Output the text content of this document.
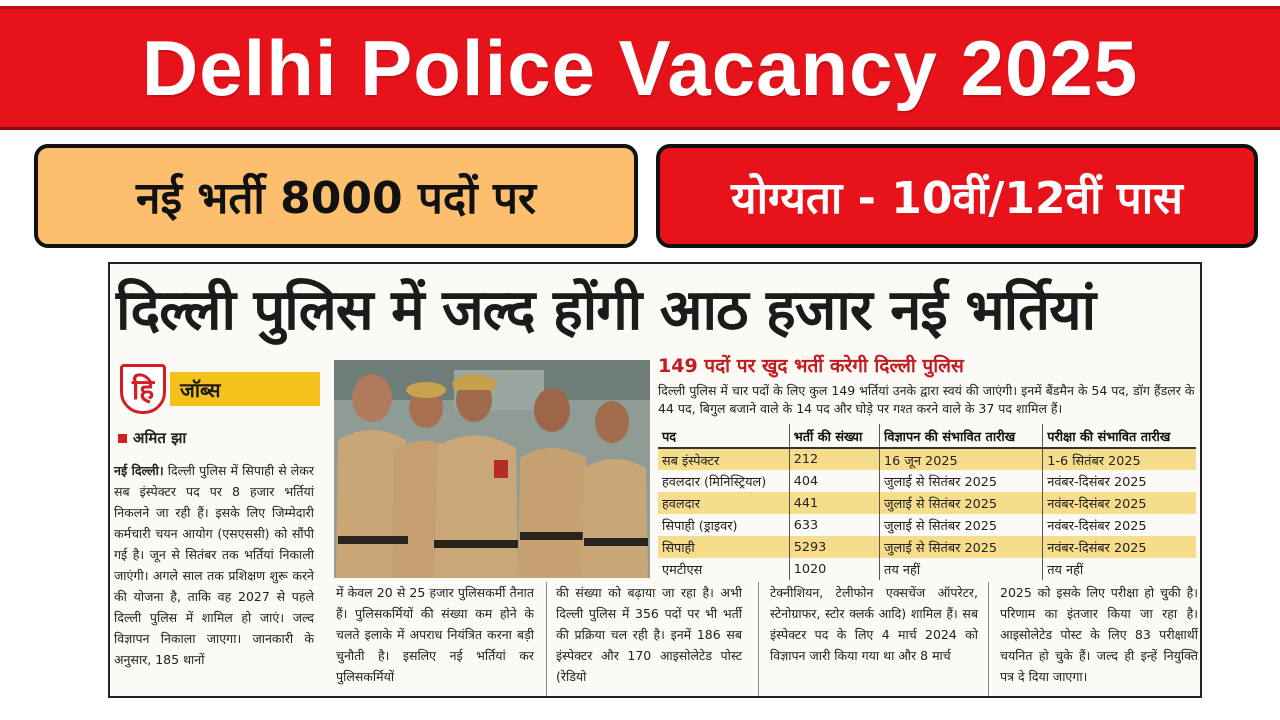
Delhi Police Vacancy 2025
नई भर्ती 8000 पदों पर	योग्यता - 10वीं/12वीं पास
दिल्ली पुलिस में जल्द होंगी आठ हजार नई भर्तियां
हि	जॉब्स
अमित झा
नई दिल्ली। दिल्ली पुलिस में सिपाही से लेकर सब इंस्पेक्टर पद पर 8 हजार भर्तियां निकलने जा रही हैं। इसके लिए जिम्मेदारी कर्मचारी चयन आयोग (एसएससी) को सौंपी गई है। जून से सितंबर तक भर्तियां निकाली जाएंगी। अगले साल तक प्रशिक्षण शुरू करने की योजना है, ताकि वह 2027 से पहले दिल्ली पुलिस में शामिल हो जाएं। जल्द विज्ञापन निकाला जाएगा। जानकारी के अनुसार, 185 थानों
149 पदों पर खुद भर्ती करेगी दिल्ली पुलिस
दिल्ली पुलिस में चार पदों के लिए कुल 149 भर्तियां उनके द्वारा स्वयं की जाएंगी। इनमें बैंडमैन के 54 पद, डॉग हैंडलर के 44 पद, बिगुल बजाने वाले के 14 पद और घोड़े पर गश्त करने वाले के 37 पद शामिल हैं।
पद	भर्ती की संख्या	विज्ञापन की संभावित तारीख	परीक्षा की संभावित तारीख
सब इंस्पेक्टर	212	16 जून 2025	1-6 सितंबर 2025
हवलदार (मिनिस्ट्रियल)	404	जुलाई से सितंबर 2025	नवंबर-दिसंबर 2025
हवलदार	441	जुलाई से सितंबर 2025	नवंबर-दिसंबर 2025
सिपाही (ड्राइवर)	633	जुलाई से सितंबर 2025	नवंबर-दिसंबर 2025
सिपाही	5293	जुलाई से सितंबर 2025	नवंबर-दिसंबर 2025
एमटीएस	1020	तय नहीं	तय नहीं
में केवल 20 से 25 हजार पुलिसकर्मी तैनात हैं। पुलिसकर्मियों की संख्या कम होने के चलते इलाके में अपराध नियंत्रित करना बड़ी चुनौती है। इसलिए नई भर्तियां कर पुलिसकर्मियों
की संख्या को बढ़ाया जा रहा है। अभी दिल्ली पुलिस में 356 पदों पर भी भर्ती की प्रक्रिया चल रही है। इनमें 186 सब इंस्पेक्टर और 170 आइसोलेटेड पोस्ट (रेडियो
टेक्नीशियन, टेलीफोन एक्सचेंज ऑपरेटर, स्टेनोग्राफर, स्टोर क्लर्क आदि) शामिल हैं। सब इंस्पेक्टर पद के लिए 4 मार्च 2024 को विज्ञापन जारी किया गया था और 8 मार्च
2025 को इसके लिए परीक्षा हो चुकी है। परिणाम का इंतजार किया जा रहा है। आइसोलेटेड पोस्ट के लिए 83 परीक्षार्थी चयनित हो चुके हैं। जल्द ही इन्हें नियुक्ति पत्र दे दिया जाएगा।
